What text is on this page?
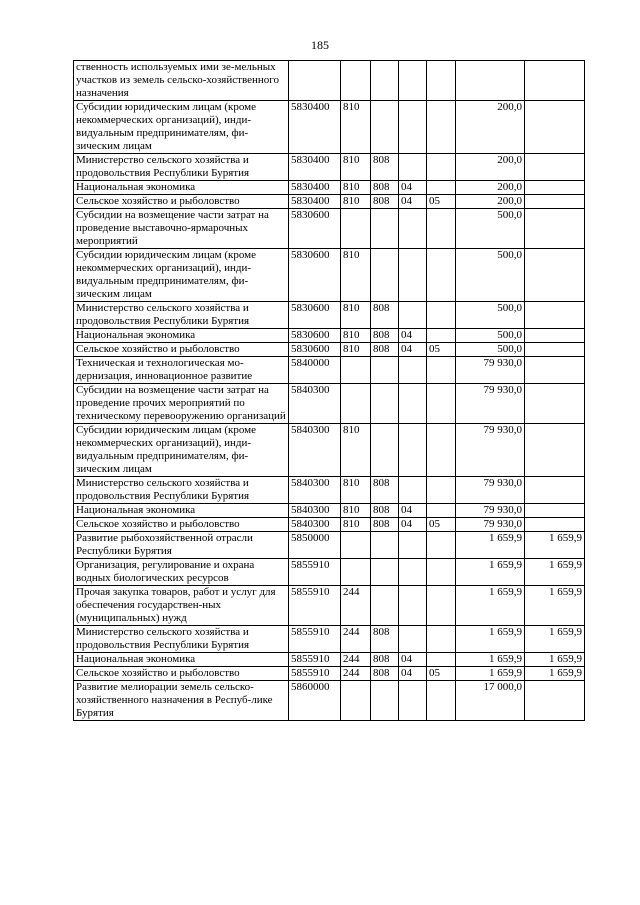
185
ственность используемых ими зе-мельных участков из земель сельско-хозяйственного назначения							
Субсидии юридическим лицам (кроме некоммерческих организаций), инди-видуальным предпринимателям, фи-зическим лицам	5830400	810				200,0	
Министерство сельского хозяйства и продовольствия Республики Бурятия	5830400	810	808			200,0	
Национальная экономика	5830400	810	808	04		200,0	
Сельское хозяйство и рыболовство	5830400	810	808	04	05	200,0	
Субсидии на возмещение части затрат на проведение выставочно-ярмарочных мероприятий	5830600					500,0	
Субсидии юридическим лицам (кроме некоммерческих организаций), инди-видуальным предпринимателям, фи-зическим лицам	5830600	810				500,0	
Министерство сельского хозяйства и продовольствия Республики Бурятия	5830600	810	808			500,0	
Национальная экономика	5830600	810	808	04		500,0	
Сельское хозяйство и рыболовство	5830600	810	808	04	05	500,0	
Техническая и технологическая мо-дернизация, инновационное развитие	5840000					79 930,0	
Субсидии на возмещение части затрат на проведение прочих мероприятий по техническому перевооружению организаций	5840300					79 930,0	
Субсидии юридическим лицам (кроме некоммерческих организаций), инди-видуальным предпринимателям, фи-зическим лицам	5840300	810				79 930,0	
Министерство сельского хозяйства и продовольствия Республики Бурятия	5840300	810	808			79 930,0	
Национальная экономика	5840300	810	808	04		79 930,0	
Сельское хозяйство и рыболовство	5840300	810	808	04	05	79 930,0	
Развитие рыбохозяйственной отрасли Республики Бурятия	5850000					1 659,9	1 659,9
Организация, регулирование и охрана водных биологических ресурсов	5855910					1 659,9	1 659,9
Прочая закупка товаров, работ и услуг для обеспечения государствен-ных (муниципальных) нужд	5855910	244				1 659,9	1 659,9
Министерство сельского хозяйства и продовольствия Республики Бурятия	5855910	244	808			1 659,9	1 659,9
Национальная экономика	5855910	244	808	04		1 659,9	1 659,9
Сельское хозяйство и рыболовство	5855910	244	808	04	05	1 659,9	1 659,9
Развитие мелиорации земель сельско-хозяйственного назначения в Респуб-лике Бурятия	5860000					17 000,0	
